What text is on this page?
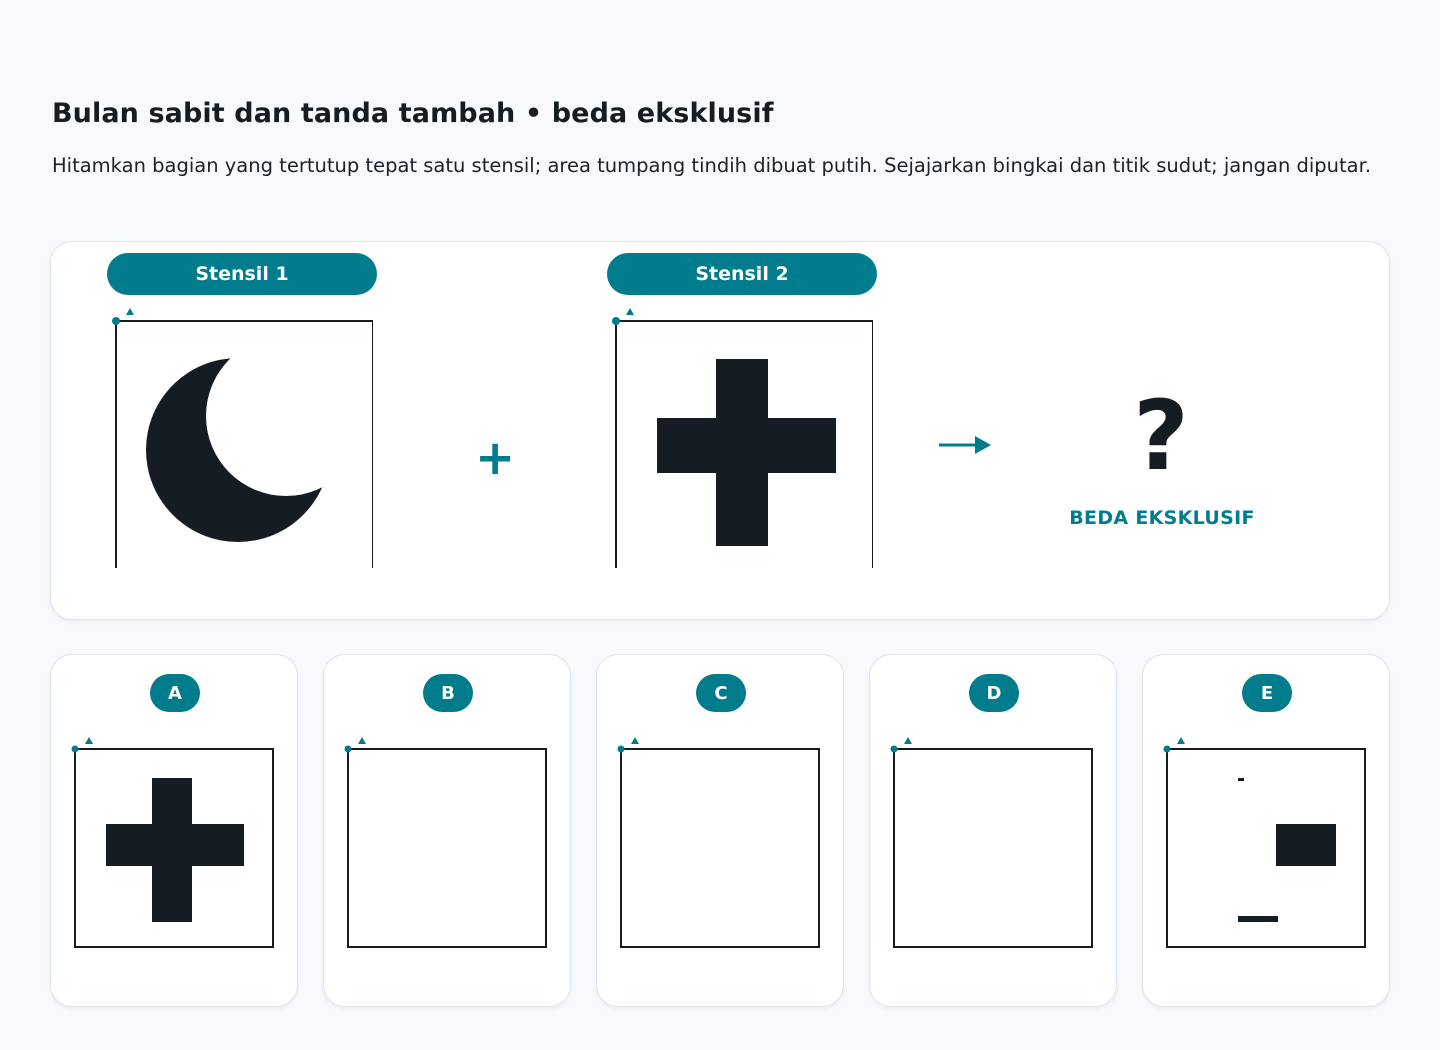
Bulan sabit dan tanda tambah • beda eksklusif
Hitamkan bagian yang tertutup tepat satu stensil; area tumpang tindih dibuat putih. Sejajarkan bingkai dan titik sudut; jangan diputar.
Stensil 1
+
Stensil 2
?
BEDA EKSKLUSIF
A	B	C	D	E
